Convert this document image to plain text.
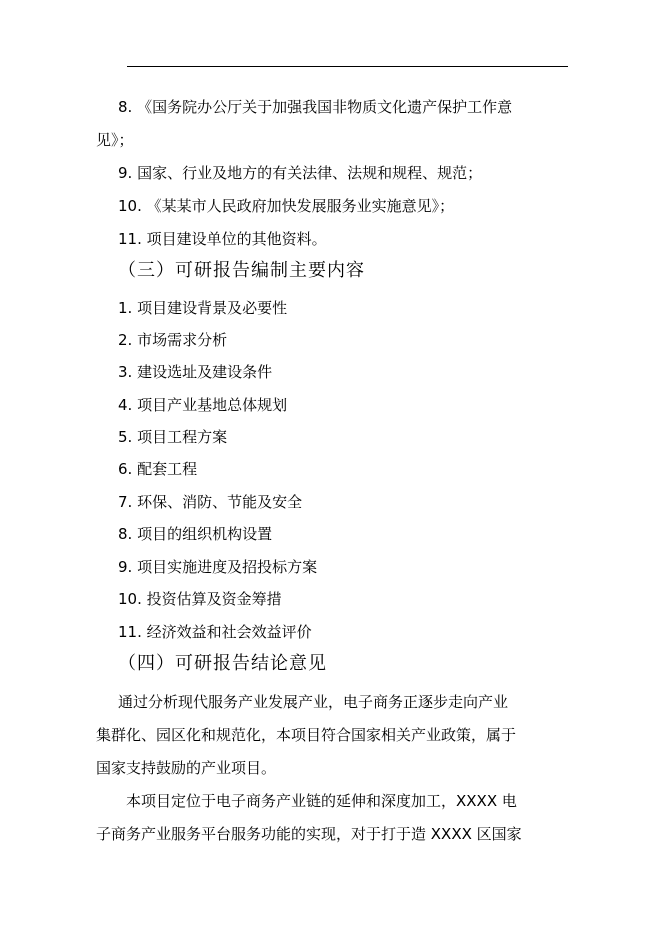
8. 《国务院办公厅关于加强我国非物质文化遗产保护工作意
见》；
9. 国家、行业及地方的有关法律、法规和规程、规范；
10. 《某某市人民政府加快发展服务业实施意见》；
11. 项目建设单位的其他资料。
（三）可研报告编制主要内容
1. 项目建设背景及必要性
2. 市场需求分析
3. 建设选址及建设条件
4. 项目产业基地总体规划
5. 项目工程方案
6. 配套工程
7. 环保、消防、节能及安全
8. 项目的组织机构设置
9. 项目实施进度及招投标方案
10. 投资估算及资金筹措
11. 经济效益和社会效益评价
（四）可研报告结论意见
通过分析现代服务产业发展产业，电子商务正逐步走向产业
集群化、园区化和规范化，本项目符合国家相关产业政策，属于
国家支持鼓励的产业项目。
本项目定位于电子商务产业链的延伸和深度加工，XXXX 电
子商务产业服务平台服务功能的实现，对于打于造 XXXX 区国家
